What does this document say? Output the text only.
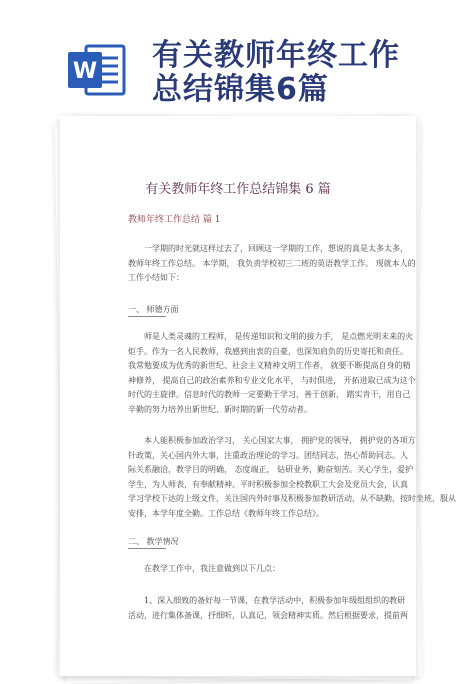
W 有关教师年终工作
总结锦集6篇
有关教师年终工作总结锦集 6 篇
教师年终工作总结 篇 1
一学期的时光就这样过去了，回顾这一学期的工作，想说的真是太多太多，
教师年终工作总结。 本学期， 我负责学校初三二班的英语教学工作。 现就本人的
工作小结如下：
一、 师德方面
师是人类灵魂的工程师， 是传递知识和文明的接力手， 是点燃光明未来的火
炬手。作为一名人民教师，我感到由衷的自豪，也深知肩负的历史寄托和责任。
我常勉要成为优秀的新世纪、社会主义精神文明工作者， 就要不断提高自身的精
神修养， 提高自己的政治素养和专业文化水平， 与时俱进， 开拓进取已成为这个
时代的主旋律。信息时代的教师一定要勤于学习，善于创新， 踏实肯干，用自己
辛勤的努力培养出新世纪、新时期的新一代劳动者。
本人能积极参加政治学习， 关心国家大事， 拥护党的领导， 拥护党的各项方
针政策，关心国内外大事，注重政治理论的学习。团结同志，热心帮助同志。人
际关系融洽，教学目的明确， 态度端正， 钻研业务，勤奋刻苦。关心学生，爱护
学生，为人师表，有奉献精神。平时积极参加全校教职工大会及党员大会，认真
学习学校下达的上级文件，关注国内外时事及积极参加教研活动，从不缺勤，按时坐班，服从
安排，本学年度全勤。工作总结《教师年终工作总结》。
二、 教学情况
在教学工作中，我注意做到以下几点：
1、深入细致的备好每一节课，在教学活动中，积极参加年级组组织的教研
活动，进行集体备课，抒细听，认真记，领会精神实质。然后根据要求，提前两
